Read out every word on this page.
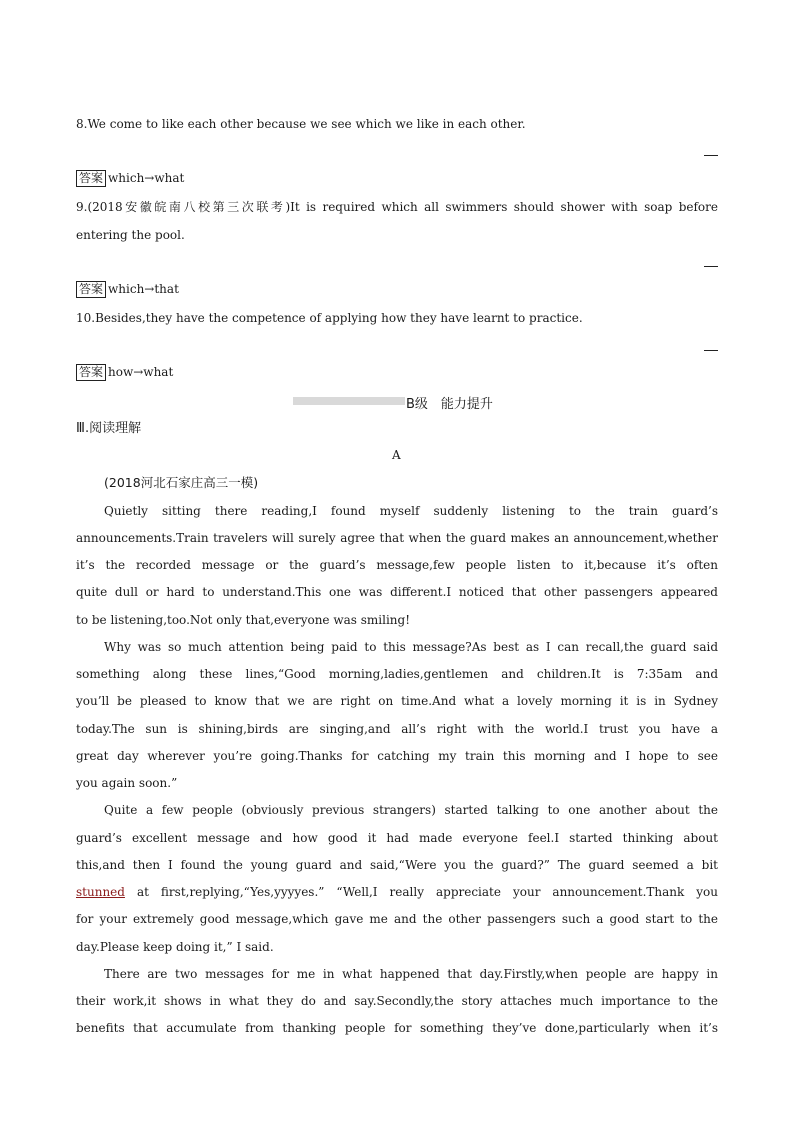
8.We come to like each other because we see which we like in each other.
答案 which→what
9.(2018安徽皖南八校第三次联考)It is required which all swimmers should shower with soap before
entering the pool.
答案 which→that
10.Besides,they have the competence of applying how they have learnt to practice.
答案 how→what
B级　能力提升
Ⅲ.阅读理解
A
(2018河北石家庄高三一模)
Quietly sitting there reading,I found myself suddenly listening to the train guard’s
announcements.Train travelers will surely agree that when the guard makes an announcement,whether
it’s the recorded message or the guard’s message,few people listen to it,because it’s often
quite dull or hard to understand.This one was different.I noticed that other passengers appeared
to be listening,too.Not only that,everyone was smiling!
Why was so much attention being paid to this message?As best as I can recall,the guard said
something along these lines,“Good morning,ladies,gentlemen and children.It is 7:35am and
you’ll be pleased to know that we are right on time.And what a lovely morning it is in Sydney
today.The sun is shining,birds are singing,and all’s right with the world.I trust you have a
great day wherever you’re going.Thanks for catching my train this morning and I hope to see
you again soon.”
Quite a few people (obviously previous strangers) started talking to one another about the
guard’s excellent message and how good it had made everyone feel.I started thinking about
this,and then I found the young guard and said,“Were you the guard?” The guard seemed a bit
stunned at first,replying,“Yes,yyyyes.” “Well,I really appreciate your announcement.Thank you
for your extremely good message,which gave me and the other passengers such a good start to the
day.Please keep doing it,” I said.
There are two messages for me in what happened that day.Firstly,when people are happy in
their work,it shows in what they do and say.Secondly,the story attaches much importance to the
benefits that accumulate from thanking people for something they’ve done,particularly when it’s
